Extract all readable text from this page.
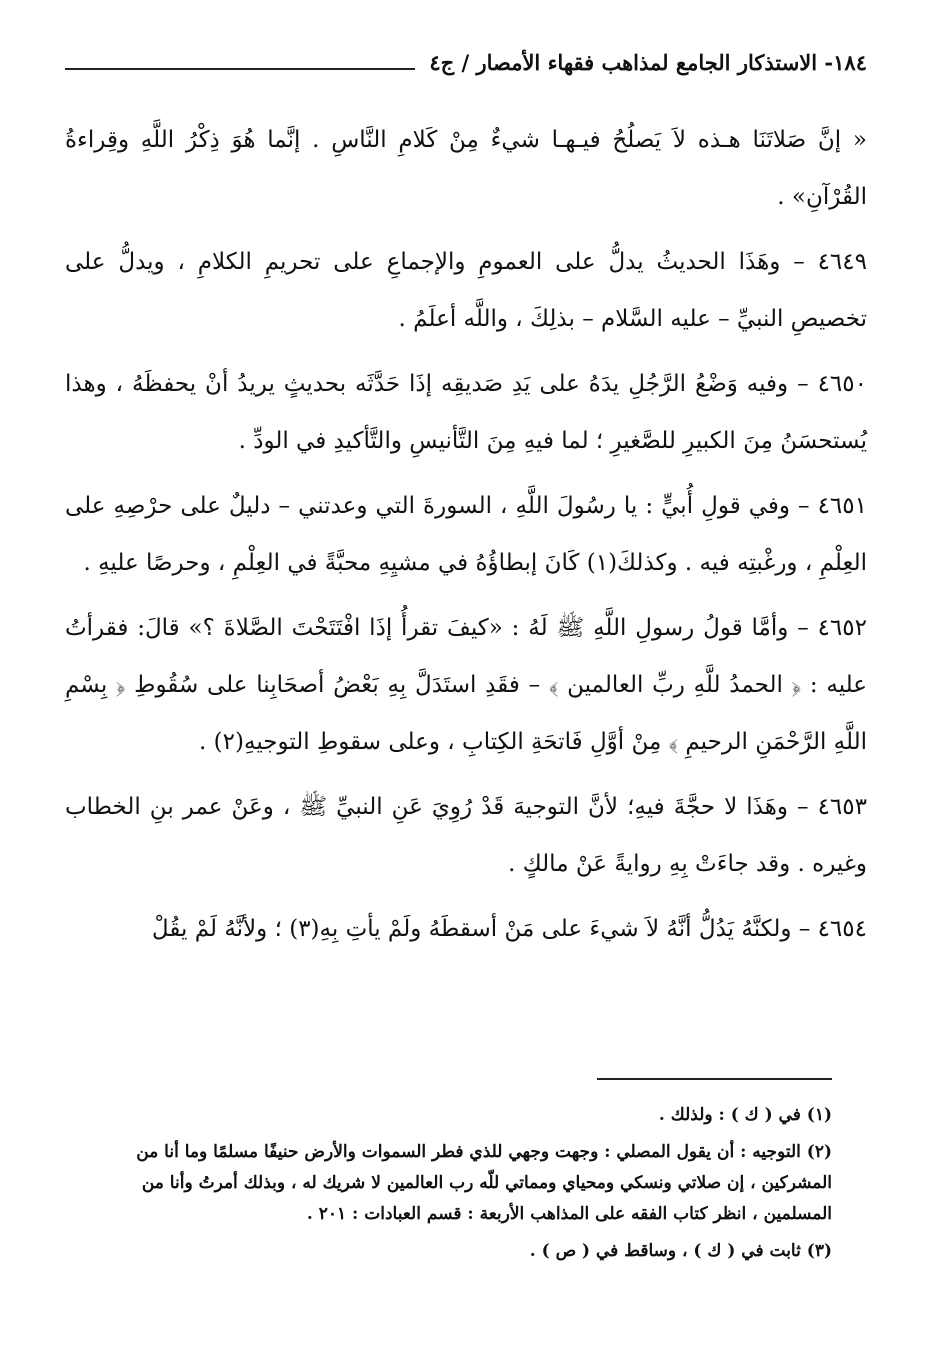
١٨٤- الاستذكار الجامع لمذاهب فقهاء الأمصار / ج٤

« إنَّ صَلاتَنَا هـذه لاَ يَصلُحُ فيـهـا شيءٌ مِنْ كَلامِ النَّاسِ . إنَّما هُوَ ذِكْرُ اللَّهِ وقِراءةُ القُرْآنِ» .

٤٦٤٩ – وهَذَا الحديثُ يدلُّ على العمومِ والإجماعِ على تحريمِ الكلامِ ، ويدلُّ على تخصيصِ النبيِّ – عليه السَّلام – بذلِكَ ، واللَّه أعلَمُ .

٤٦٥٠ – وفيه وَضْعُ الرَّجُلِ يدَهُ على يَدِ صَديقِه إذَا حَدَّثَه بحديثٍ يريدُ أنْ يحفظَهُ ، وهذا يُستحسَنُ مِنَ الكبيرِ للصَّغيرِ ؛ لما فيهِ مِنَ التَّأنيسِ والتَّأكيدِ في الودِّ .

٤٦٥١ – وفي قولِ أُبيٍّ : يا رسُولَ اللَّهِ ، السورةَ التي وعدتني – دليلٌ على حرْصِهِ على العِلْمِ ، ورغْبتِه فيه . وكذلكَ(١) كَانَ إبطاؤُهُ في مشيِهِ محبَّةً في العِلْمِ ، وحرصًا عليهِ .

٤٦٥٢ – وأمَّا قولُ رسولِ اللَّهِ ﷺ لَهُ : «كيفَ تقرأُ إذَا افْتَتَحْتَ الصَّلاةَ ؟» قالَ: فقرأتُ عليه : ﴿ الحمدُ للَّهِ ربِّ العالمين ﴾ – فقَدِ استَدَلَّ بِهِ بَعْضُ أصحَابِنا على سُقُوطِ ﴿ بِسْمِ اللَّهِ الرَّحْمَنِ الرحيمِ ﴾ مِنْ أوَّلِ فَاتحَةِ الكِتابِ ، وعلى سقوطِ التوجيهِ(٢) .

٤٦٥٣ – وهَذَا لا حجَّةَ فيهِ؛ لأنَّ التوجيهَ قَدْ رُوِيَ عَنِ النبيِّ ﷺ ، وعَنْ عمر بنِ الخطاب وغيره . وقد جاءَتْ بِهِ روايةً عَنْ مالكٍ .

٤٦٥٤ – ولكنَّهُ يَدُلُّ أنَّهُ لاَ شيءَ على مَنْ أسقطَهُ ولَمْ يأتِ بِهِ(٣) ؛ ولأنَّهُ لَمْ يقُلْ

(١) في ( ك ) : ولذلك .

(٢) التوجيه : أن يقول المصلي : وجهت وجهي للذي فطر السموات والأرض حنيفًا مسلمًا وما أنا من المشركين ، إن صلاتي ونسكي ومحياي ومماتي للّه رب العالمين لا شريك له ، وبذلك أمرتُ وأنا من المسلمين ، انظر كتاب الفقه على المذاهب الأربعة : قسم العبادات : ٢٠١ .

(٣) ثابت في ( ك ) ، وساقط في ( ص ) .
